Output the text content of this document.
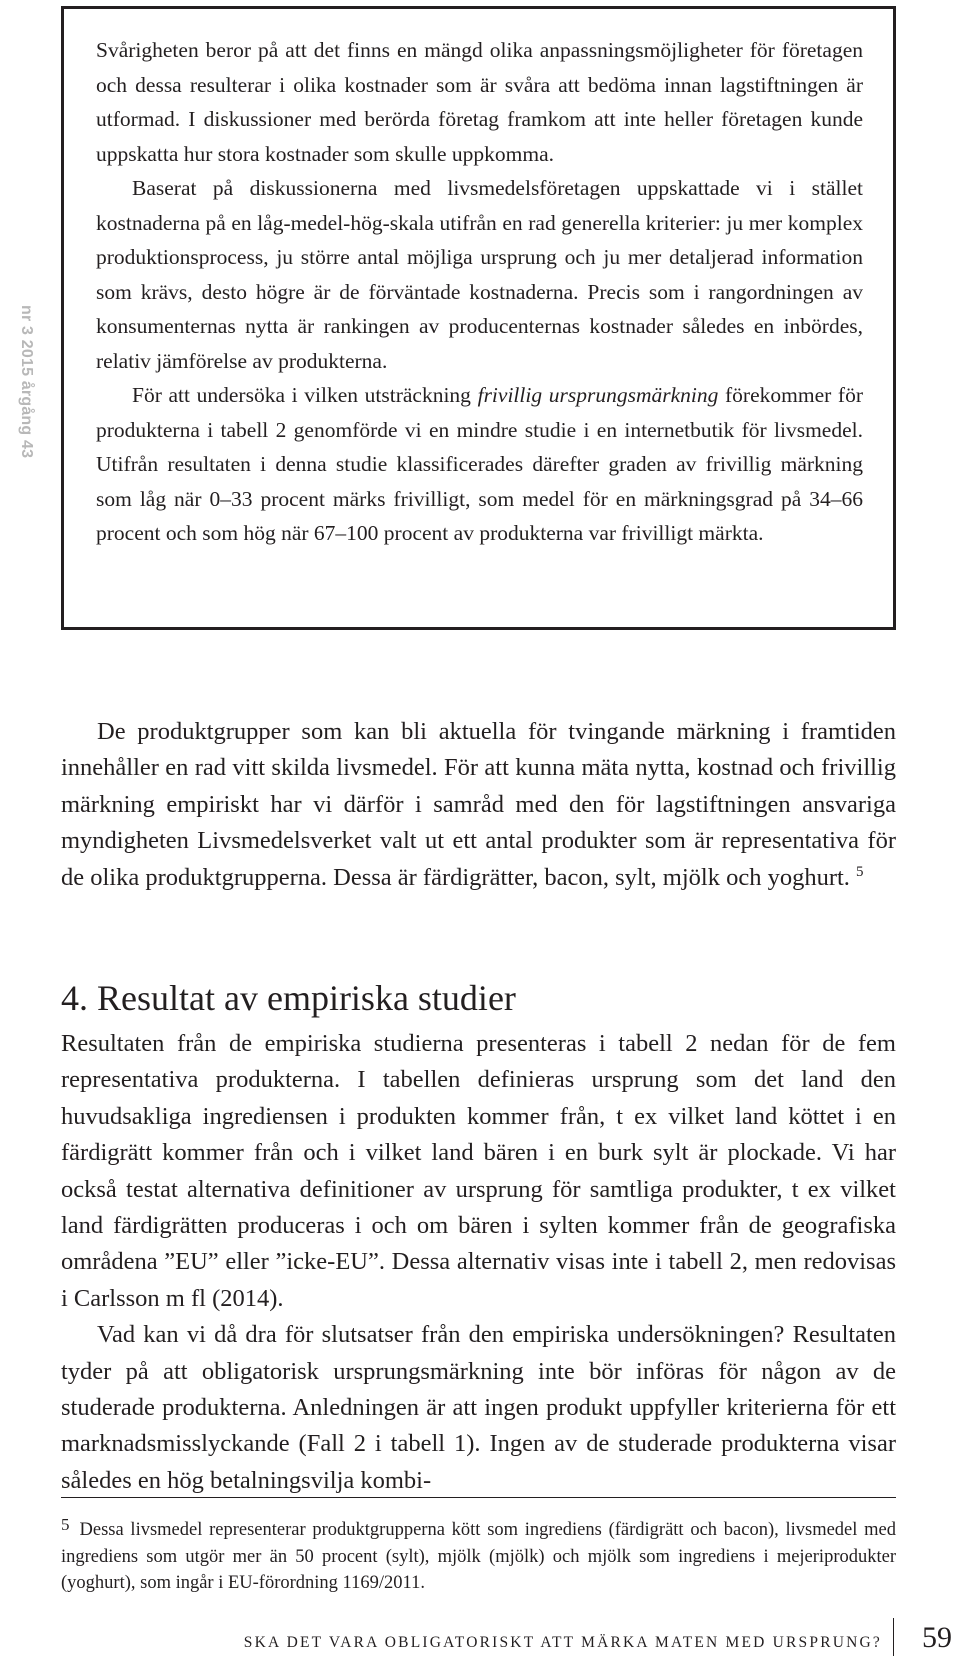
nr 3 2015 årgång 43

Svårigheten beror på att det finns en mängd olika anpassningsmöjligheter för företagen och dessa resulterar i olika kostnader som är svåra att bedöma innan lagstiftningen är utformad. I diskussioner med berörda företag framkom att inte heller företagen kunde uppskatta hur stora kostnader som skulle uppkomma.

Baserat på diskussionerna med livsmedelsföretagen uppskattade vi i stället kostnaderna på en låg-medel-hög-skala utifrån en rad generella kriterier: ju mer komplex produktionsprocess, ju större antal möjliga ursprung och ju mer detaljerad information som krävs, desto högre är de förväntade kostnaderna. Precis som i rangordningen av konsumenternas nytta är rankingen av producenternas kostnader således en inbördes, relativ jämförelse av produkterna.

För att undersöka i vilken utsträckning frivillig ursprungsmärkning förekommer för produkterna i tabell 2 genomförde vi en mindre studie i en internetbutik för livsmedel. Utifrån resultaten i denna studie klassificerades därefter graden av frivillig märkning som låg när 0–33 procent märks frivilligt, som medel för en märkningsgrad på 34–66 procent och som hög när 67–100 procent av produkterna var frivilligt märkta.

De produktgrupper som kan bli aktuella för tvingande märkning i framtiden innehåller en rad vitt skilda livsmedel. För att kunna mäta nytta, kostnad och frivillig märkning empiriskt har vi därför i samråd med den för lagstiftningen ansvariga myndigheten Livsmedelsverket valt ut ett antal produkter som är representativa för de olika produktgrupperna. Dessa är färdigrätter, bacon, sylt, mjölk och yoghurt. $^5$

4. Resultat av empiriska studier

Resultaten från de empiriska studierna presenteras i tabell 2 nedan för de fem representativa produkterna. I tabellen definieras ursprung som det land den huvudsakliga ingrediensen i produkten kommer från, t ex vilket land köttet i en färdigrätt kommer från och i vilket land bären i en burk sylt är plockade. Vi har också testat alternativa definitioner av ursprung för samtliga produkter, t ex vilket land färdigrätten produceras i och om bären i sylten kommer från de geografiska områdena ”EU” eller ”icke-EU”. Dessa alternativ visas inte i tabell 2, men redovisas i Carlsson m fl (2014).

Vad kan vi då dra för slutsatser från den empiriska undersökningen? Resultaten tyder på att obligatorisk ursprungsmärkning inte bör införas för någon av de studerade produkterna. Anledningen är att ingen produkt uppfyller kriterierna för ett marknadsmisslyckande (Fall 2 i tabell 1). Ingen av de studerade produkterna visar således en hög betalningsvilja kombi-

5 Dessa livsmedel representerar produktgrupperna kött som ingrediens (färdigrätt och bacon), livsmedel med ingrediens som utgör mer än 50 procent (sylt), mjölk (mjölk) och mjölk som ingrediens i mejeriprodukter (yoghurt), som ingår i EU-förordning 1169/2011.

SKA DET VARA OBLIGATORISKT ATT MÄRKA MATEN MED URSPRUNG? 59
